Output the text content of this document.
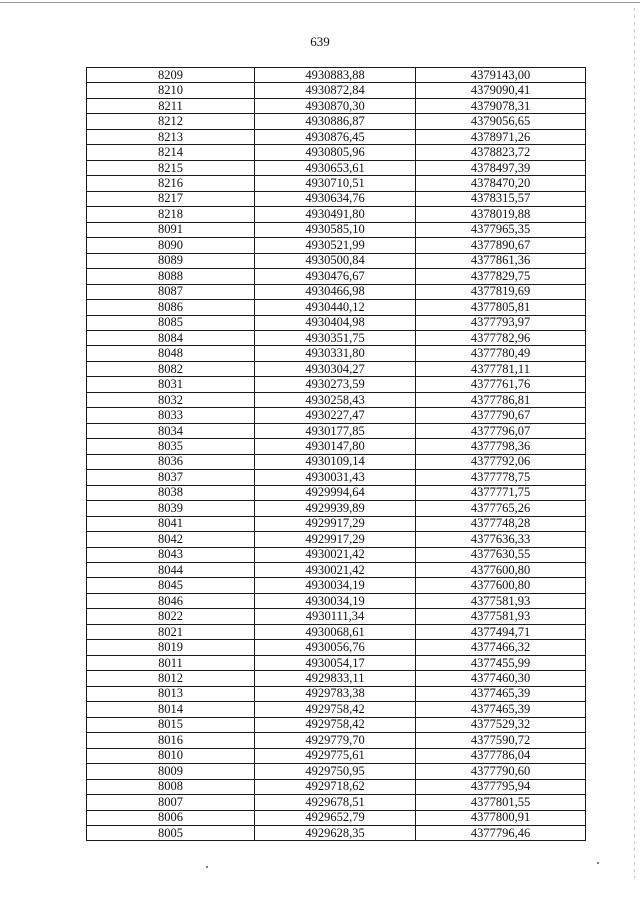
639
8209	4930883,88	4379143,00
8210	4930872,84	4379090,41
8211	4930870,30	4379078,31
8212	4930886,87	4379056,65
8213	4930876,45	4378971,26
8214	4930805,96	4378823,72
8215	4930653,61	4378497,39
8216	4930710,51	4378470,20
8217	4930634,76	4378315,57
8218	4930491,80	4378019,88
8091	4930585,10	4377965,35
8090	4930521,99	4377890,67
8089	4930500,84	4377861,36
8088	4930476,67	4377829,75
8087	4930466,98	4377819,69
8086	4930440,12	4377805,81
8085	4930404,98	4377793,97
8084	4930351,75	4377782,96
8048	4930331,80	4377780,49
8082	4930304,27	4377781,11
8031	4930273,59	4377761,76
8032	4930258,43	4377786,81
8033	4930227,47	4377790,67
8034	4930177,85	4377796,07
8035	4930147,80	4377798,36
8036	4930109,14	4377792,06
8037	4930031,43	4377778,75
8038	4929994,64	4377771,75
8039	4929939,89	4377765,26
8041	4929917,29	4377748,28
8042	4929917,29	4377636,33
8043	4930021,42	4377630,55
8044	4930021,42	4377600,80
8045	4930034,19	4377600,80
8046	4930034,19	4377581,93
8022	4930111,34	4377581,93
8021	4930068,61	4377494,71
8019	4930056,76	4377466,32
8011	4930054,17	4377455,99
8012	4929833,11	4377460,30
8013	4929783,38	4377465,39
8014	4929758,42	4377465,39
8015	4929758,42	4377529,32
8016	4929779,70	4377590,72
8010	4929775,61	4377786,04
8009	4929750,95	4377790,60
8008	4929718,62	4377795,94
8007	4929678,51	4377801,55
8006	4929652,79	4377800,91
8005	4929628,35	4377796,46
